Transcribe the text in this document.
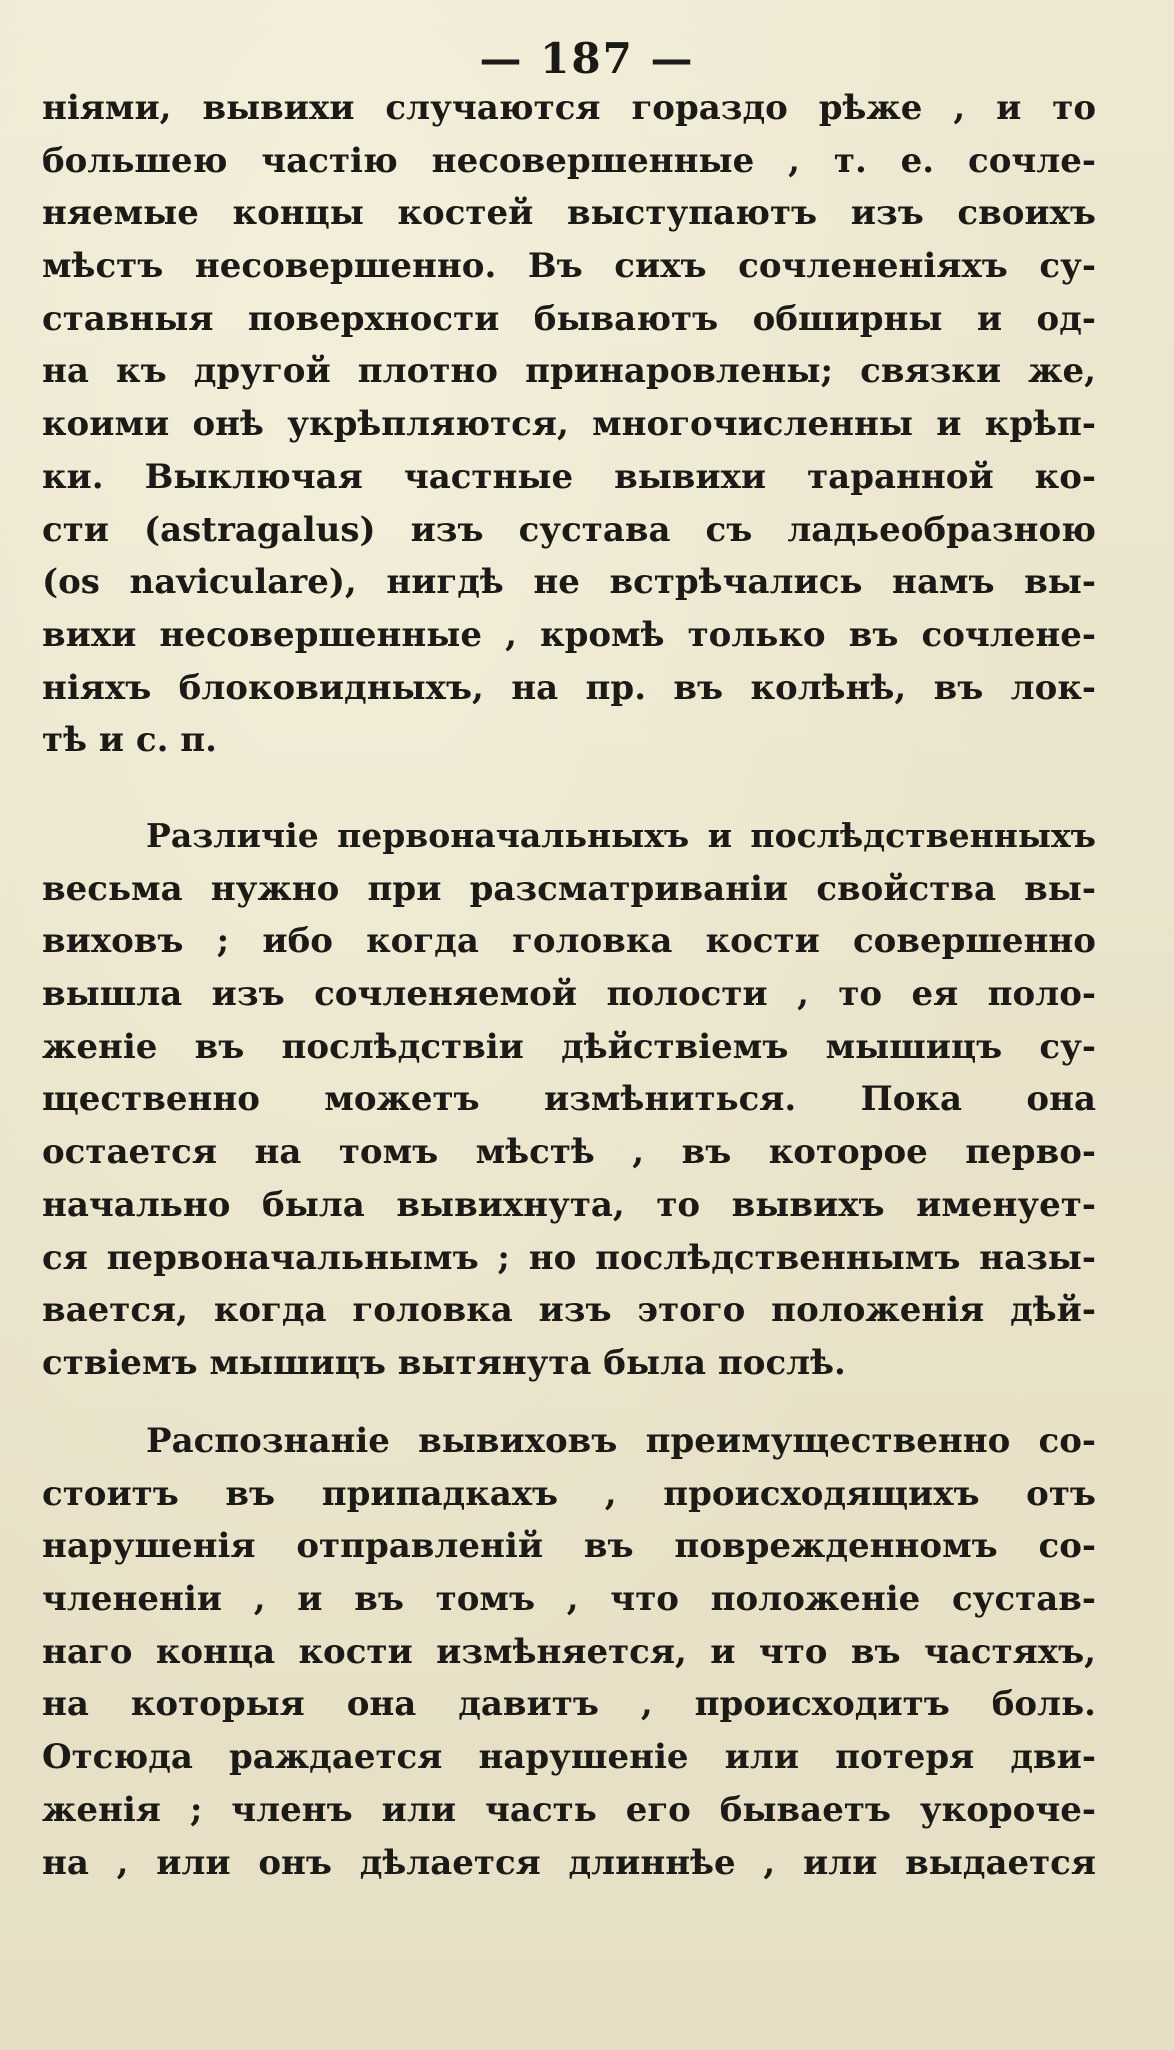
— 187 —
ніями, вывихи случаются гораздо рѣже , и то
большею частію несовершенные , т. е. сочле-
няемые концы костей выступаютъ изъ своихъ
мѣстъ несовершенно. Въ сихъ сочлененіяхъ су-
ставныя поверхности бываютъ обширны и од-
на къ другой плотно принаровлены; связки же,
коими онѣ укрѣпляются, многочисленны и крѣп-
ки. Выключая частные вывихи таранной ко-
сти (astragalus) изъ сустава съ ладьеобразною
(os naviculare), нигдѣ не встрѣчались намъ вы-
вихи несовершенные , кромѣ только въ сочлене-
ніяхъ блоковидныхъ, на пр. въ колѣнѣ, въ лок-
тѣ и с. п.
Различіе первоначальныхъ и послѣдственныхъ
весьма нужно при разсматриваніи свойства вы-
виховъ ; ибо когда головка кости совершенно
вышла изъ сочленяемой полости , то ея поло-
женіе въ послѣдствіи дѣйствіемъ мышицъ су-
щественно можетъ измѣниться. Пока она
остается на томъ мѣстѣ , въ которое перво-
начально была вывихнута, то вывихъ именует-
ся первоначальнымъ ; но послѣдственнымъ назы-
вается, когда головка изъ этого положенія дѣй-
ствіемъ мышицъ вытянута была послѣ.
Распознаніе вывиховъ преимущественно со-
стоитъ въ припадкахъ , происходящихъ отъ
нарушенія отправленій въ поврежденномъ со-
члененіи , и въ томъ , что положеніе сустав-
наго конца кости измѣняется, и что въ частяхъ,
на которыя она давитъ , происходитъ боль.
Отсюда раждается нарушеніе или потеря дви-
женія ; членъ или часть его бываетъ укороче-
на , или онъ дѣлается длиннѣе , или выдается
